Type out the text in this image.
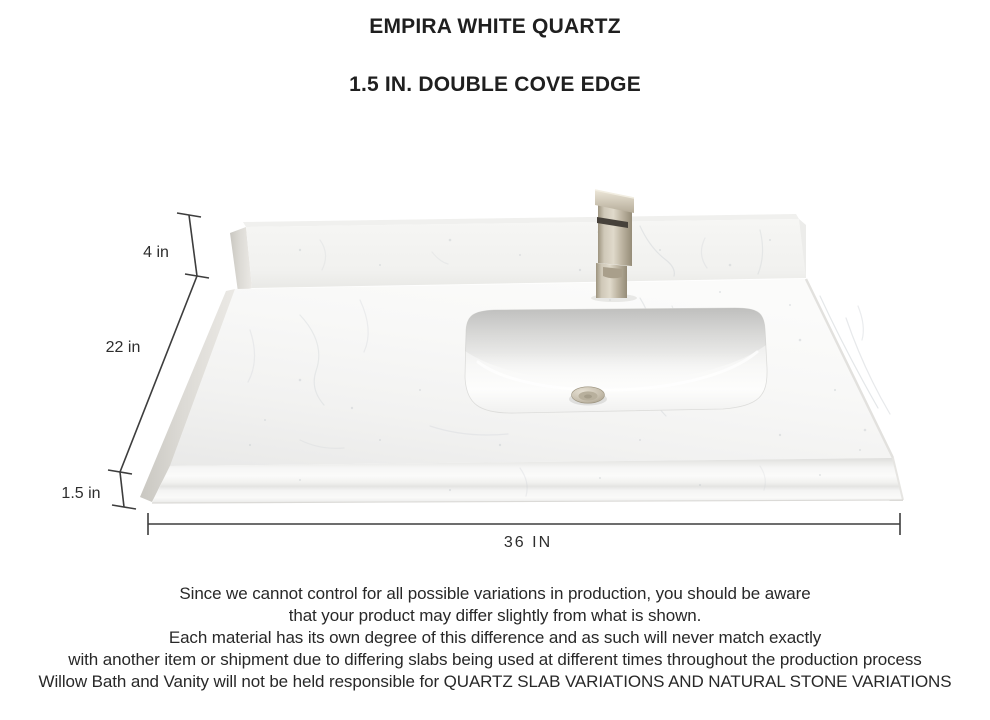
EMPIRA WHITE QUARTZ
1.5 IN. DOUBLE COVE EDGE
4 in
22 in
1.5 in
36 IN
Since we cannot control for all possible variations in production, you should be aware
that your product may differ slightly from what is shown.
Each material has its own degree of this difference and as such will never match exactly
with another item or shipment due to differing slabs being used at different times throughout the production process
Willow Bath and Vanity will not be held responsible for QUARTZ SLAB VARIATIONS AND NATURAL STONE VARIATIONS
